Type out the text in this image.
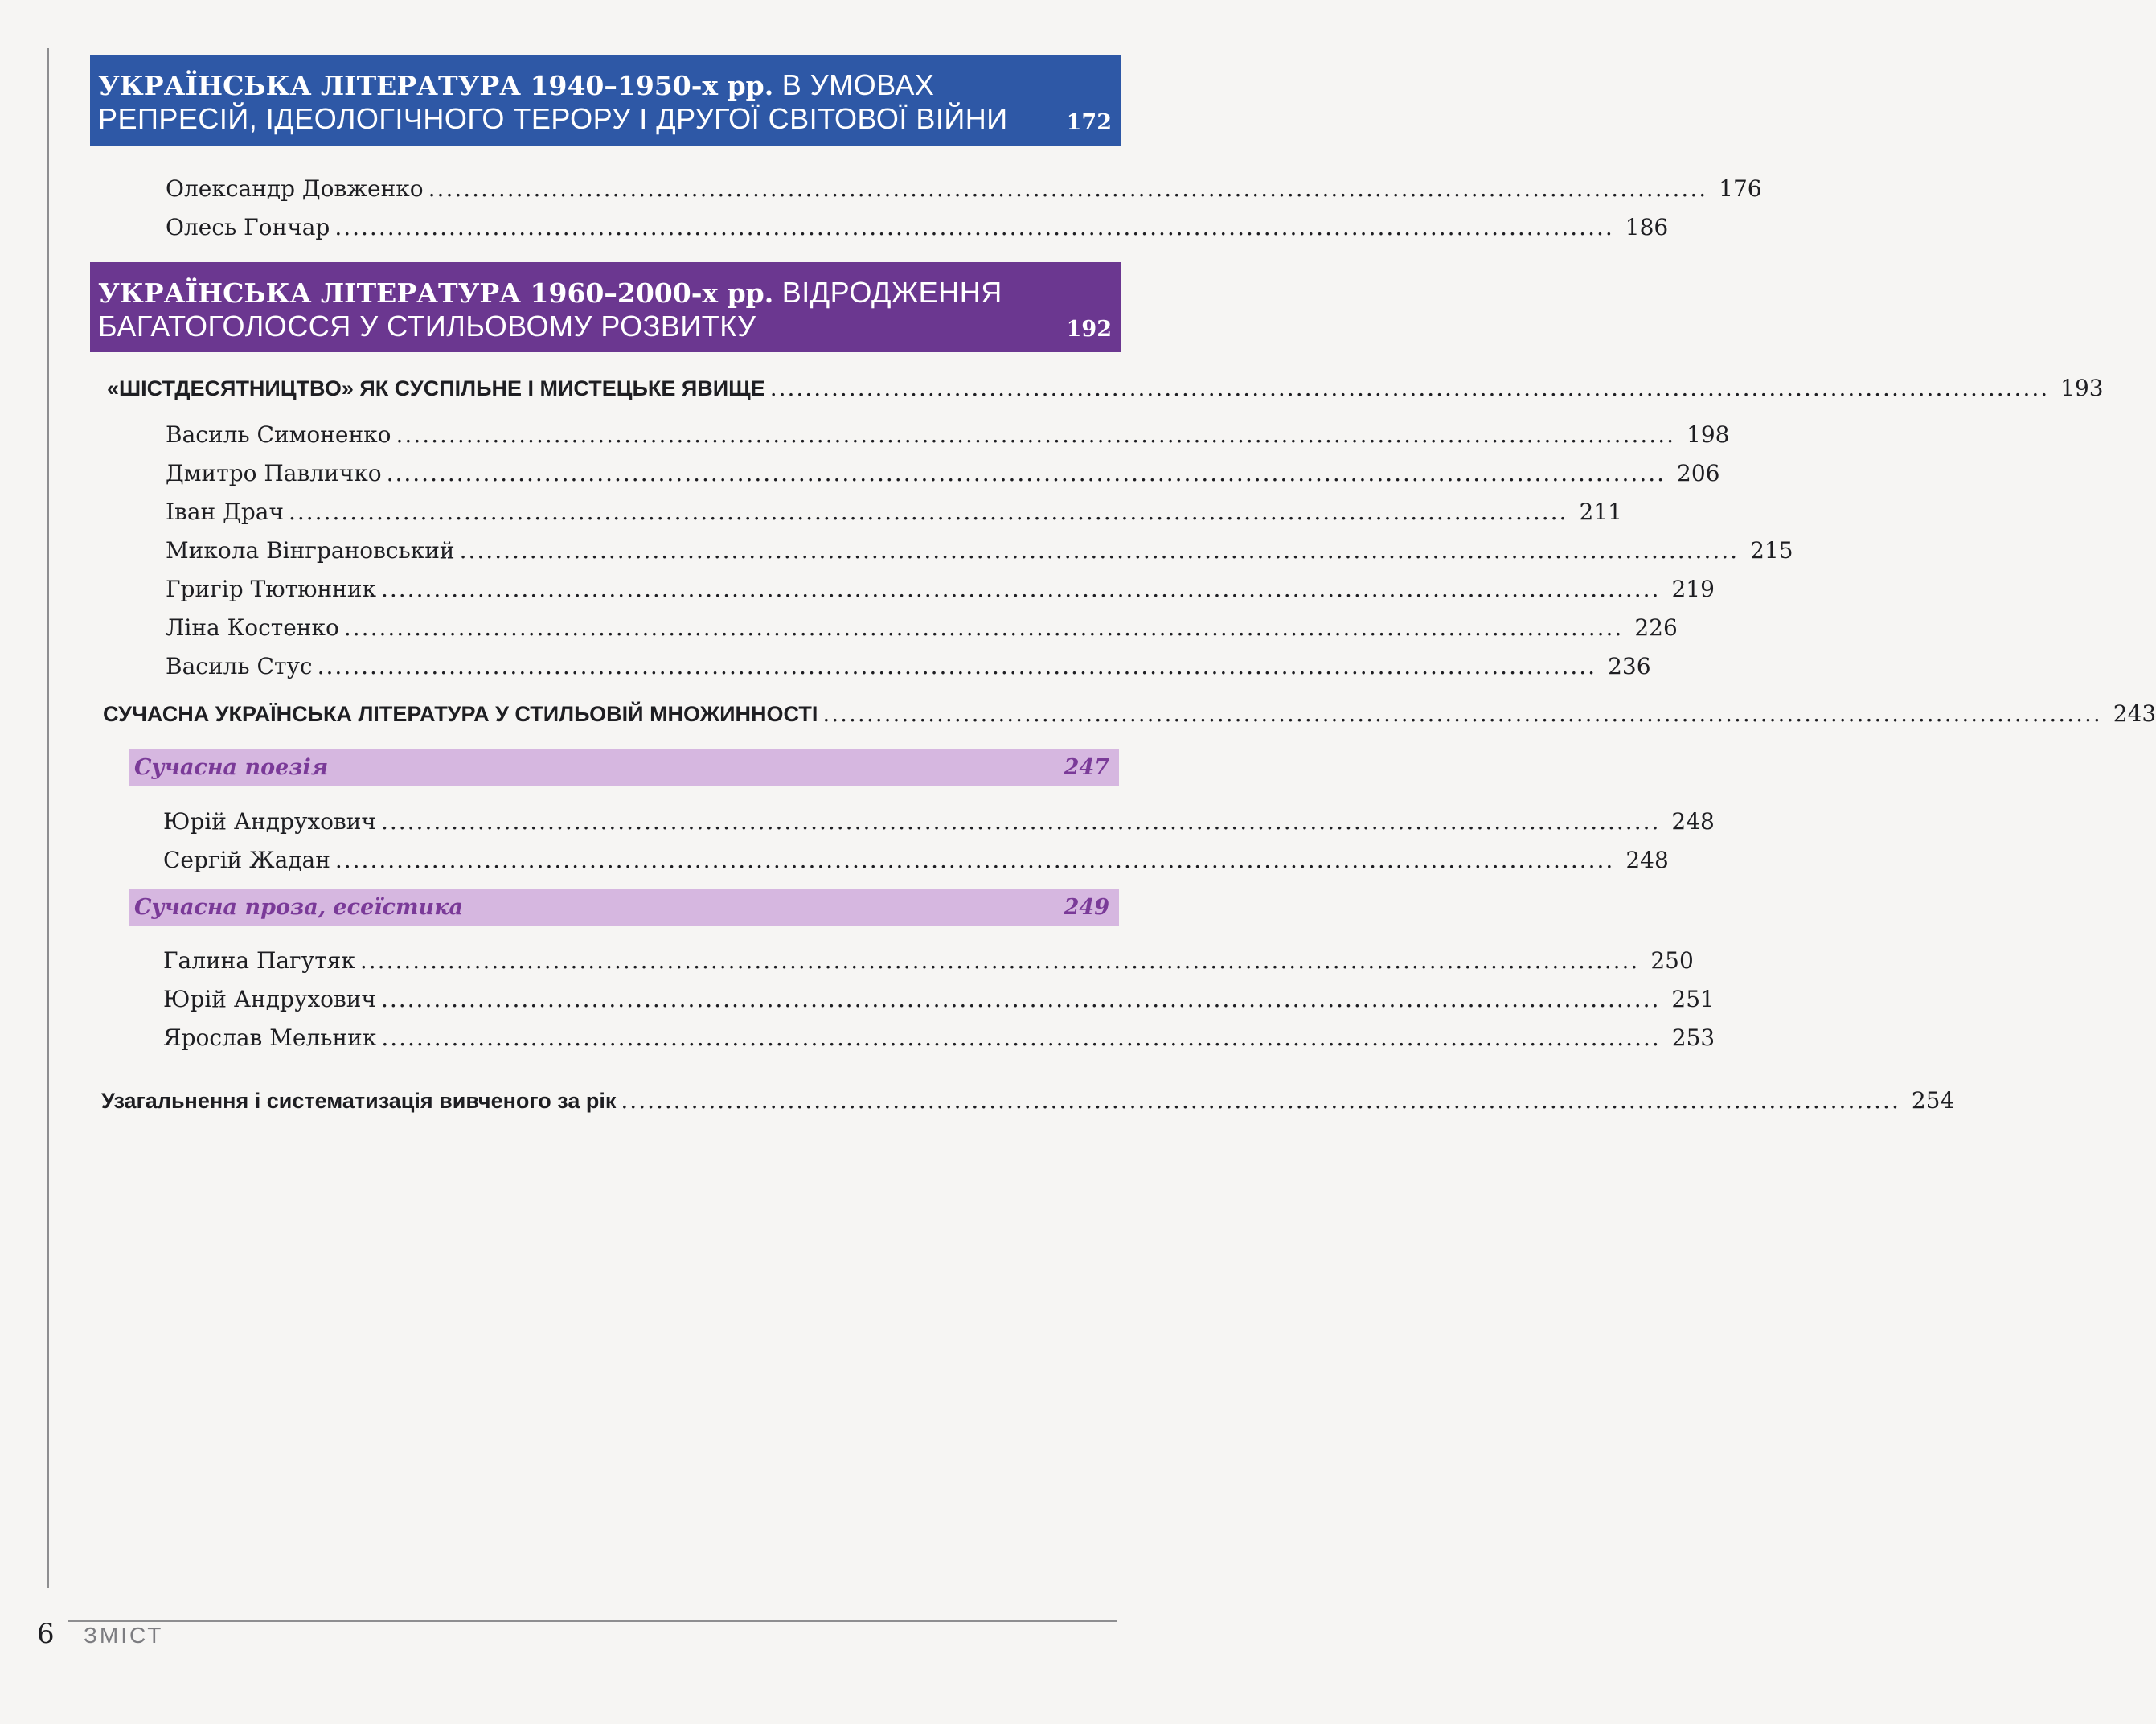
УКРАЇНСЬКА ЛІТЕРАТУРА 1940–1950-х рр. В УМОВАХ
РЕПРЕСІЙ, ІДЕОЛОГІЧНОГО ТЕРОРУ І ДРУГОЇ СВІТОВОЇ ВІЙНИ	172
Олександр Довженко .................................................................................................................................................. 176
Олесь Гончар .................................................................................................................................................. 186
УКРАЇНСЬКА ЛІТЕРАТУРА 1960–2000-х рр. ВІДРОДЖЕННЯ
БАГАТОГОЛОССЯ У СТИЛЬОВОМУ РОЗВИТКУ	192
«ШІСТДЕСЯТНИЦТВО» ЯК СУСПІЛЬНЕ І МИСТЕЦЬКЕ ЯВИЩЕ .................................................................................................................................................. 193
Василь Симоненко .................................................................................................................................................. 198
Дмитро Павличко .................................................................................................................................................. 206
Іван Драч .................................................................................................................................................. 211
Микола Вінграновський .................................................................................................................................................. 215
Григір Тютюнник .................................................................................................................................................. 219
Ліна Костенко .................................................................................................................................................. 226
Василь Стус .................................................................................................................................................. 236
СУЧАСНА УКРАЇНСЬКА ЛІТЕРАТУРА У СТИЛЬОВІЙ МНОЖИННОСТІ .................................................................................................................................................. 243
Сучасна поезія	247
Юрій Андрухович .................................................................................................................................................. 248
Сергій Жадан .................................................................................................................................................. 248
Сучасна проза, есеїстика	249
Галина Пагутяк .................................................................................................................................................. 250
Юрій Андрухович .................................................................................................................................................. 251
Ярослав Мельник .................................................................................................................................................. 253
Узагальнення і систематизація вивченого за рік .................................................................................................................................................. 254
6 ЗМІСТ
